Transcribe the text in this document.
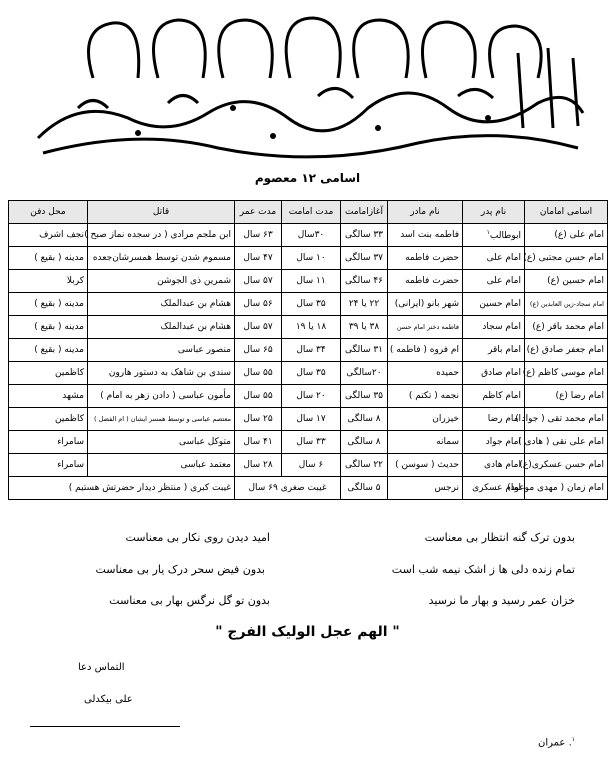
اسامی ۱۲ معصوم
اسامی امامان	نام پدر	نام مادر	آغازامامت	مدت امامت	مدت عمر	قاتل	محل دفن
امام علی (ع)	ابوطالب$^۱$	فاطمه بنت اسد	۳۳ سالگی	۳۰سال	۶۳ سال	ابن ملجم مرادی ( در سجده نماز صبح )	نجف اشرف
امام حسن مجتبی (ع)	امام علی	حضرت فاطمه	۳۷ سالگی	۱۰ سال	۴۷ سال	مسموم شدن توسط همسرشان‌جعده	مدینه ( بقیع )
امام حسین (ع)	امام علی	حضرت فاطمه	۴۶ سالگی	۱۱ سال	۵۷ سال	شمرین ذی الجوشن	کربلا
امام سجاد-زین العابدین (ع)	امام حسین	شهر بانو (ایرانی)	۲۲ یا ۲۴	۳۵ سال	۵۶ سال	هشام بن عبدالملک	مدینه ( بقیع )
امام محمد باقر (ع)	امام سجاد	فاطمه دختر امام حسن	۳۸ یا ۳۹	۱۸ یا ۱۹	۵۷ سال	هشام بن عبدالملک	مدینه ( بقیع )
امام جعفر صادق (ع)	امام باقر	ام فروه ( فاطمه )	۳۱ سالگی	۳۴ سال	۶۵ سال	منصور عباسی	مدینه ( بقیع )
امام موسی کاظم (ع)	امام صادق	حمیده	۲۰سالگی	۳۵ سال	۵۵ سال	سندی بن شاهک به دستور هارون	کاظمین
امام رضا (ع)	امام کاظم	نجمه ( تکتم )	۳۵ سالگی	۲۰ سال	۵۵ سال	مأمون عباسی ( دادن زهر به امام )	مشهد
امام محمد تقی ( جواد )	امام رضا	خیزران	۸ سالگی	۱۷ سال	۲۵ سال	معتصم عباسی و توسط همسر ایشان ( ام الفضل )	کاظمین
امام علی نقی ( هادی )	امام جواد	سمانه	۸ سالگی	۳۳ سال	۴۱ سال	متوکل عباسی	سامراء
امام حسن عسکری(ع)	امام هادی	حدیث ( سوسن )	۲۲ سالگی	۶ سال	۲۸ سال	معتمد عباسی	سامراء
امام زمان ( مهدی موعود)	امام عسکری	نرجس	۵ سالگی	غیبت صغری ۶۹ سال		غیبت کبری ( منتظر دیدار حضرتش هستیم )	
بدون ترک گنه انتظار بی معناست
امید دیدن روی نکار بی معناست
تمام زنده دلی ها ز اشک نیمه شب است
بدون فیض سحر درک یار بی معناست
خزان عمر رسید و بهار ما نرسید
بدون تو گل نرگس بهار بی معناست
" الهم عجل الولیک الفرج "
التماس دعا
علی بیکدلی
$^۱$. عمران
